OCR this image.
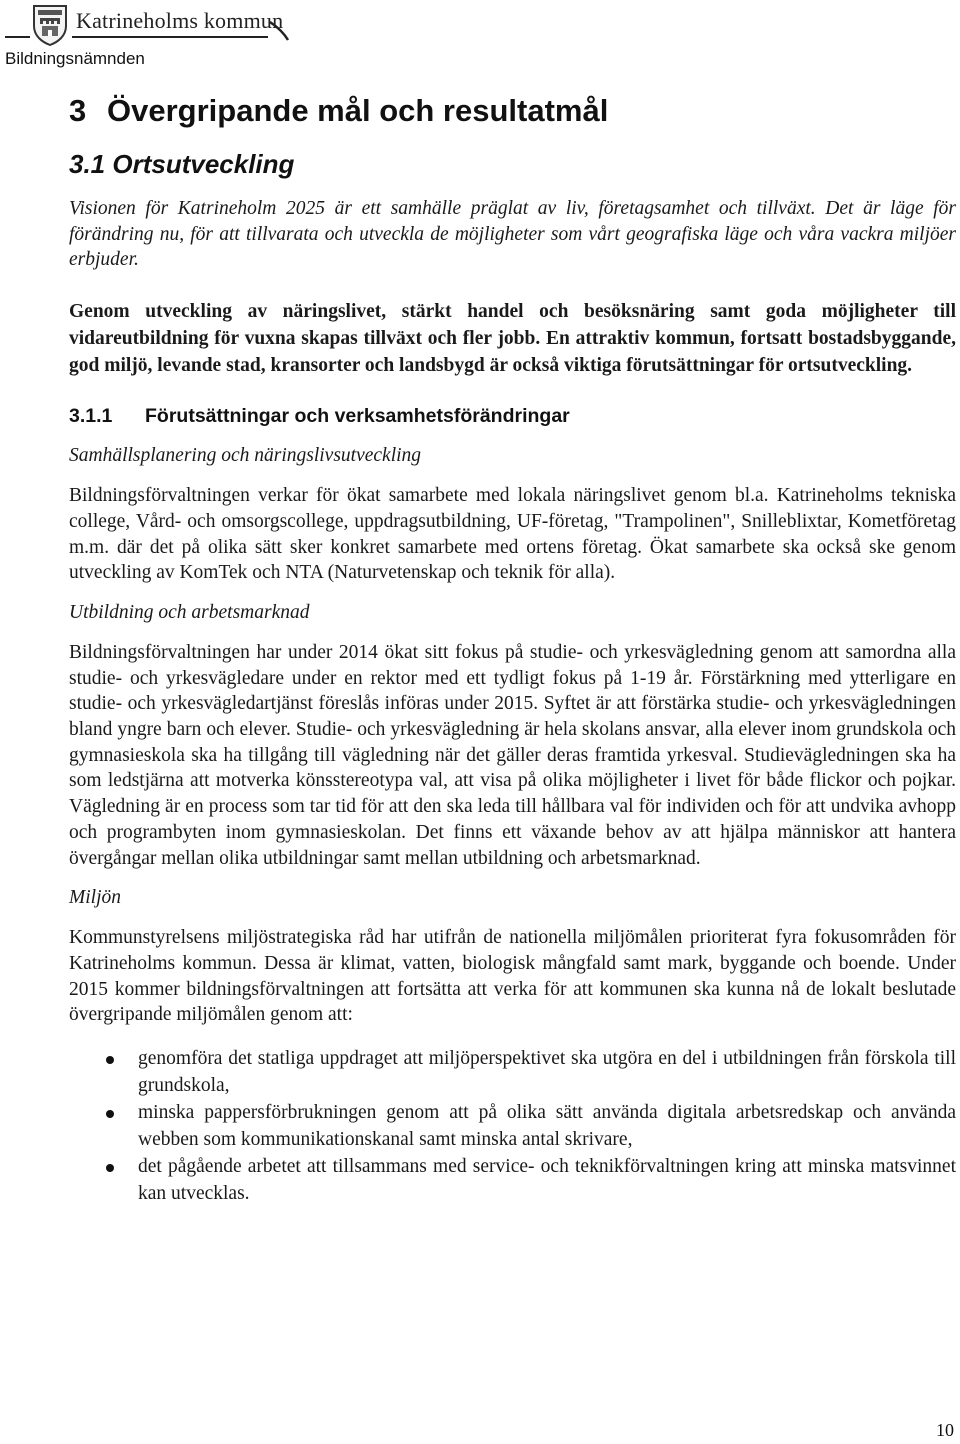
Katrineholms kommun
Bildningsnämnden
3 Övergripande mål och resultatmål
3.1 Ortsutveckling

Visionen för Katrineholm 2025 är ett samhälle präglat av liv, företagsamhet och tillväxt. Det är läge för förändring nu, för att tillvarata och utveckla de möjligheter som vårt geografiska läge och våra vackra miljöer erbjuder.

Genom utveckling av näringslivet, stärkt handel och besöksnäring samt goda möjligheter till vidareutbildning för vuxna skapas tillväxt och fler jobb. En attraktiv kommun, fortsatt bostadsbyggande, god miljö, levande stad, kransorter och landsbygd är också viktiga förutsättningar för ortsutveckling.

3.1.1 Förutsättningar och verksamhetsförändringar

Samhällsplanering och näringslivsutveckling

Bildningsförvaltningen verkar för ökat samarbete med lokala näringslivet genom bl.a. Katrineholms tekniska college, Vård- och omsorgscollege, uppdragsutbildning, UF-företag, "Trampolinen", Snilleblixtar, Kometföretag m.m. där det på olika sätt sker konkret samarbete med ortens företag. Ökat samarbete ska också ske genom utveckling av KomTek och NTA (Naturvetenskap och teknik för alla).

Utbildning och arbetsmarknad

Bildningsförvaltningen har under 2014 ökat sitt fokus på studie- och yrkesvägledning genom att samordna alla studie- och yrkesvägledare under en rektor med ett tydligt fokus på 1-19 år. Förstärkning med ytterligare en studie- och yrkesvägledartjänst föreslås införas under 2015. Syftet är att förstärka studie- och yrkesvägledningen bland yngre barn och elever. Studie- och yrkesvägledning är hela skolans ansvar, alla elever inom grundskola och gymnasieskola ska ha tillgång till vägledning när det gäller deras framtida yrkesval. Studievägledningen ska ha som ledstjärna att motverka könsstereotypa val, att visa på olika möjligheter i livet för både flickor och pojkar. Vägledning är en process som tar tid för att den ska leda till hållbara val för individen och för att undvika avhopp och programbyten inom gymnasieskolan. Det finns ett växande behov av att hjälpa människor att hantera övergångar mellan olika utbildningar samt mellan utbildning och arbetsmarknad.

Miljön

Kommunstyrelsens miljöstrategiska råd har utifrån de nationella miljömålen prioriterat fyra fokusområden för Katrineholms kommun. Dessa är klimat, vatten, biologisk mångfald samt mark, byggande och boende. Under 2015 kommer bildningsförvaltningen att fortsätta att verka för att kommunen ska kunna nå de lokalt beslutade övergripande miljömålen genom att:

genomföra det statliga uppdraget att miljöperspektivet ska utgöra en del i utbildningen från förskola till grundskola,
minska pappersförbrukningen genom att på olika sätt använda digitala arbetsredskap och använda webben som kommunikationskanal samt minska antal skrivare,
det pågående arbetet att tillsammans med service- och teknikförvaltningen kring att minska matsvinnet kan utvecklas.
10
